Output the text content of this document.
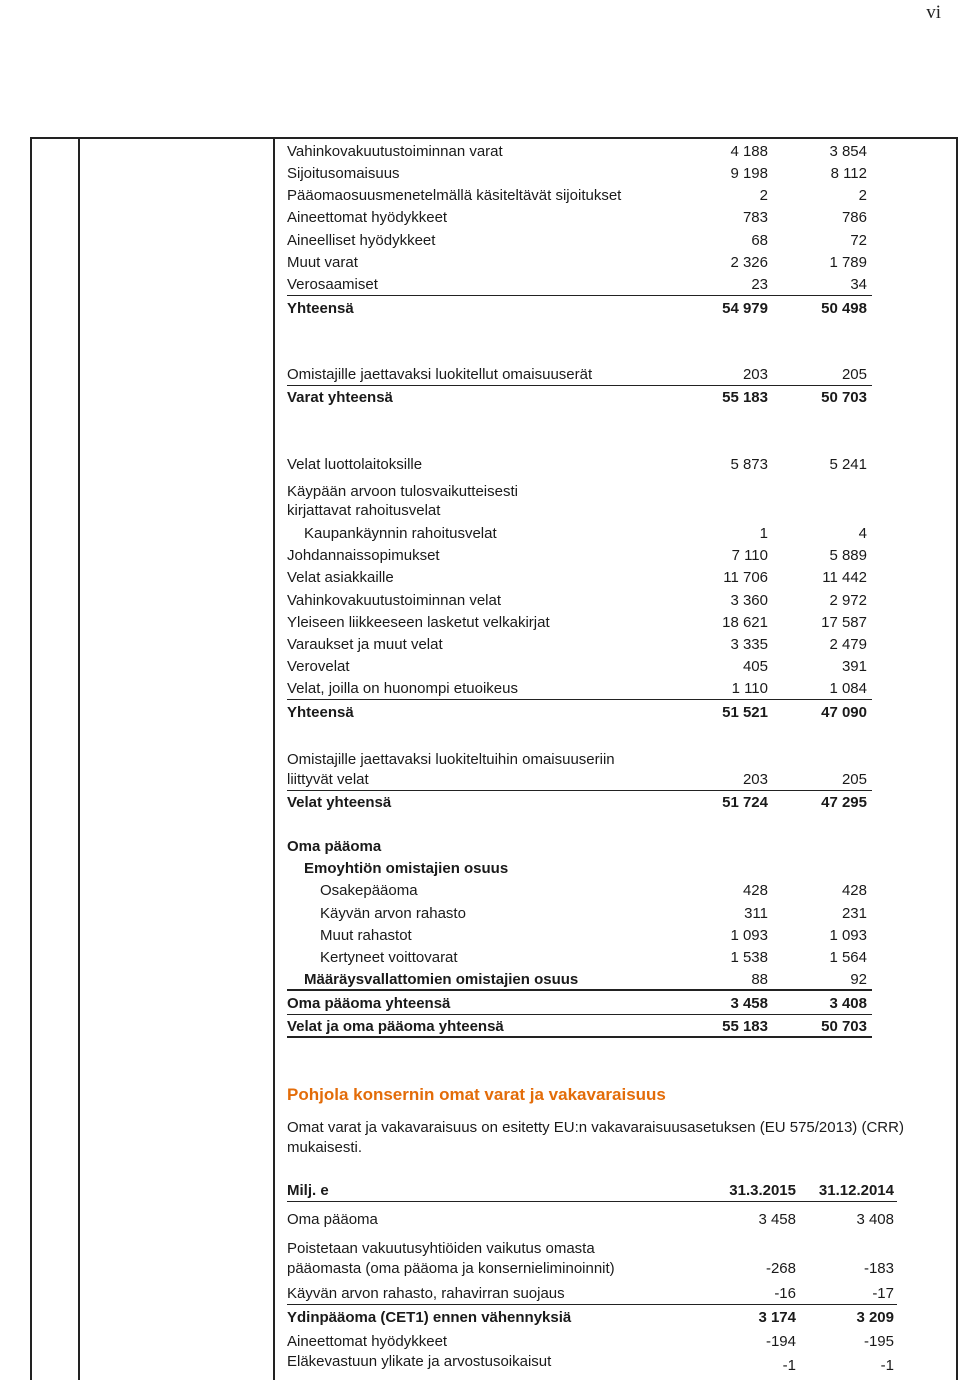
vi
Vahinkovakuutustoiminnan varat	4 188	3 854
Sijoitusomaisuus	9 198	8 112
Pääomaosuusmenetelmällä käsiteltävät sijoitukset	2	2
Aineettomat hyödykkeet	783	786
Aineelliset hyödykkeet	68	72
Muut varat	2 326	1 789
Verosaamiset	23	34
Yhteensä	54 979	50 498
Omistajille jaettavaksi luokitellut omaisuuserät	203	205
Varat yhteensä	55 183	50 703
Velat luottolaitoksille	5 873	5 241
Käypään arvoon tulosvaikutteisesti
kirjattavat rahoitusvelat
Kaupankäynnin rahoitusvelat	1	4
Johdannaissopimukset	7 110	5 889
Velat asiakkaille	11 706	11 442
Vahinkovakuutustoiminnan velat	3 360	2 972
Yleiseen liikkeeseen lasketut velkakirjat	18 621	17 587
Varaukset ja muut velat	3 335	2 479
Verovelat	405	391
Velat, joilla on huonompi etuoikeus	1 110	1 084
Yhteensä	51 521	47 090
Omistajille jaettavaksi luokiteltuihin omaisuuseriin
liittyvät velat	203	205
Velat yhteensä	51 724	47 295
Oma pääoma
Emoyhtiön omistajien osuus
Osakepääoma	428	428
Käyvän arvon rahasto	311	231
Muut rahastot	1 093	1 093
Kertyneet voittovarat	1 538	1 564
Määräysvallattomien omistajien osuus	88	92
Oma pääoma yhteensä	3 458	3 408
Velat ja oma pääoma yhteensä	55 183	50 703
Pohjola konsernin omat varat ja vakavaraisuus
Omat varat ja vakavaraisuus on esitetty EU:n vakavaraisuusasetuksen (EU 575/2013) (CRR) mukaisesti.
Milj. e	31.3.2015 31.12.2014
Oma pääoma	3 458	3 408
Poistetaan vakuutusyhtiöiden vaikutus omasta
pääomasta (oma pääoma ja konsernieliminoinnit)	-268	-183
Käyvän arvon rahasto, rahavirran suojaus	-16	-17
Ydinpääoma (CET1) ennen vähennyksiä	3 174	3 209
Aineettomat hyödykkeet	-194	-195
Eläkevastuun ylikate ja arvostusoikaisut	-1	-1
